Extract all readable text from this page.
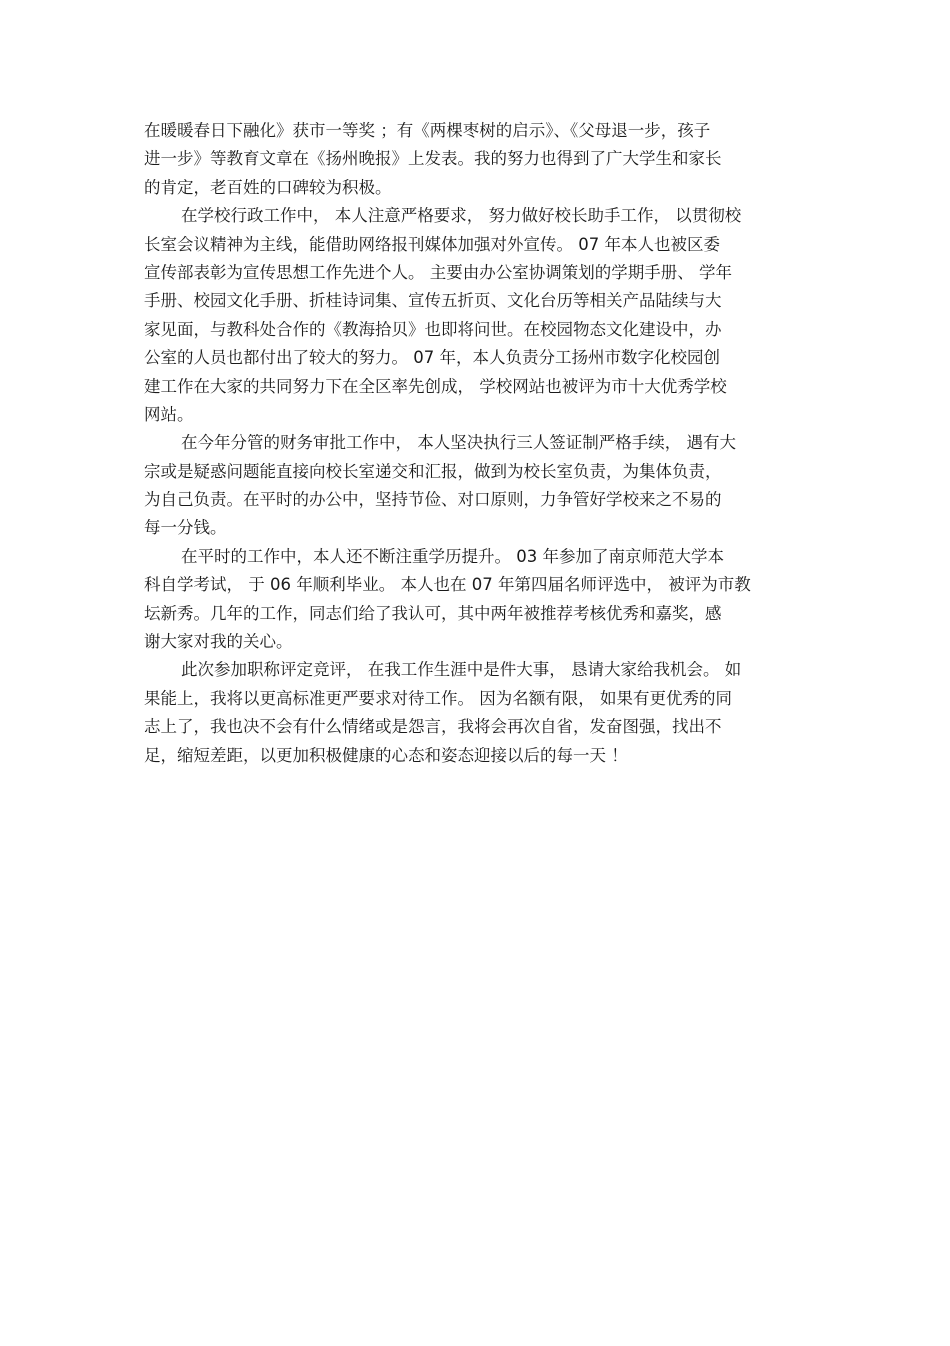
在暖暖春日下融化》获市一等奖 ；有《两棵枣树的启示》、《父母退一步，孩子
进一步》等教育文章在《扬州晚报》上发表。我的努力也得到了广大学生和家长
的肯定，老百姓的口碑较为积极。
在学校行政工作中， 本人注意严格要求， 努力做好校长助手工作， 以贯彻校
长室会议精神为主线，能借助网络报刊媒体加强对外宣传。 07 年本人也被区委
宣传部表彰为宣传思想工作先进个人。 主要由办公室协调策划的学期手册、 学年
手册、校园文化手册、折桂诗词集、宣传五折页、文化台历等相关产品陆续与大
家见面，与教科处合作的《教海拾贝》也即将问世。在校园物态文化建设中，办
公室的人员也都付出了较大的努力。 07 年，本人负责分工扬州市数字化校园创
建工作在大家的共同努力下在全区率先创成， 学校网站也被评为市十大优秀学校
网站。
在今年分管的财务审批工作中， 本人坚决执行三人签证制严格手续， 遇有大
宗或是疑惑问题能直接向校长室递交和汇报，做到为校长室负责，为集体负责，
为自己负责。在平时的办公中，坚持节俭、对口原则，力争管好学校来之不易的
每一分钱。
在平时的工作中，本人还不断注重学历提升。 03 年参加了南京师范大学本
科自学考试， 于 06 年顺利毕业。 本人也在 07 年第四届名师评选中， 被评为市教
坛新秀。几年的工作，同志们给了我认可，其中两年被推荐考核优秀和嘉奖，感
谢大家对我的关心。
此次参加职称评定竞评， 在我工作生涯中是件大事， 恳请大家给我机会。 如
果能上，我将以更高标准更严要求对待工作。 因为名额有限， 如果有更优秀的同
志上了，我也决不会有什么情绪或是怨言，我将会再次自省，发奋图强，找出不
足，缩短差距，以更加积极健康的心态和姿态迎接以后的每一天 ！
